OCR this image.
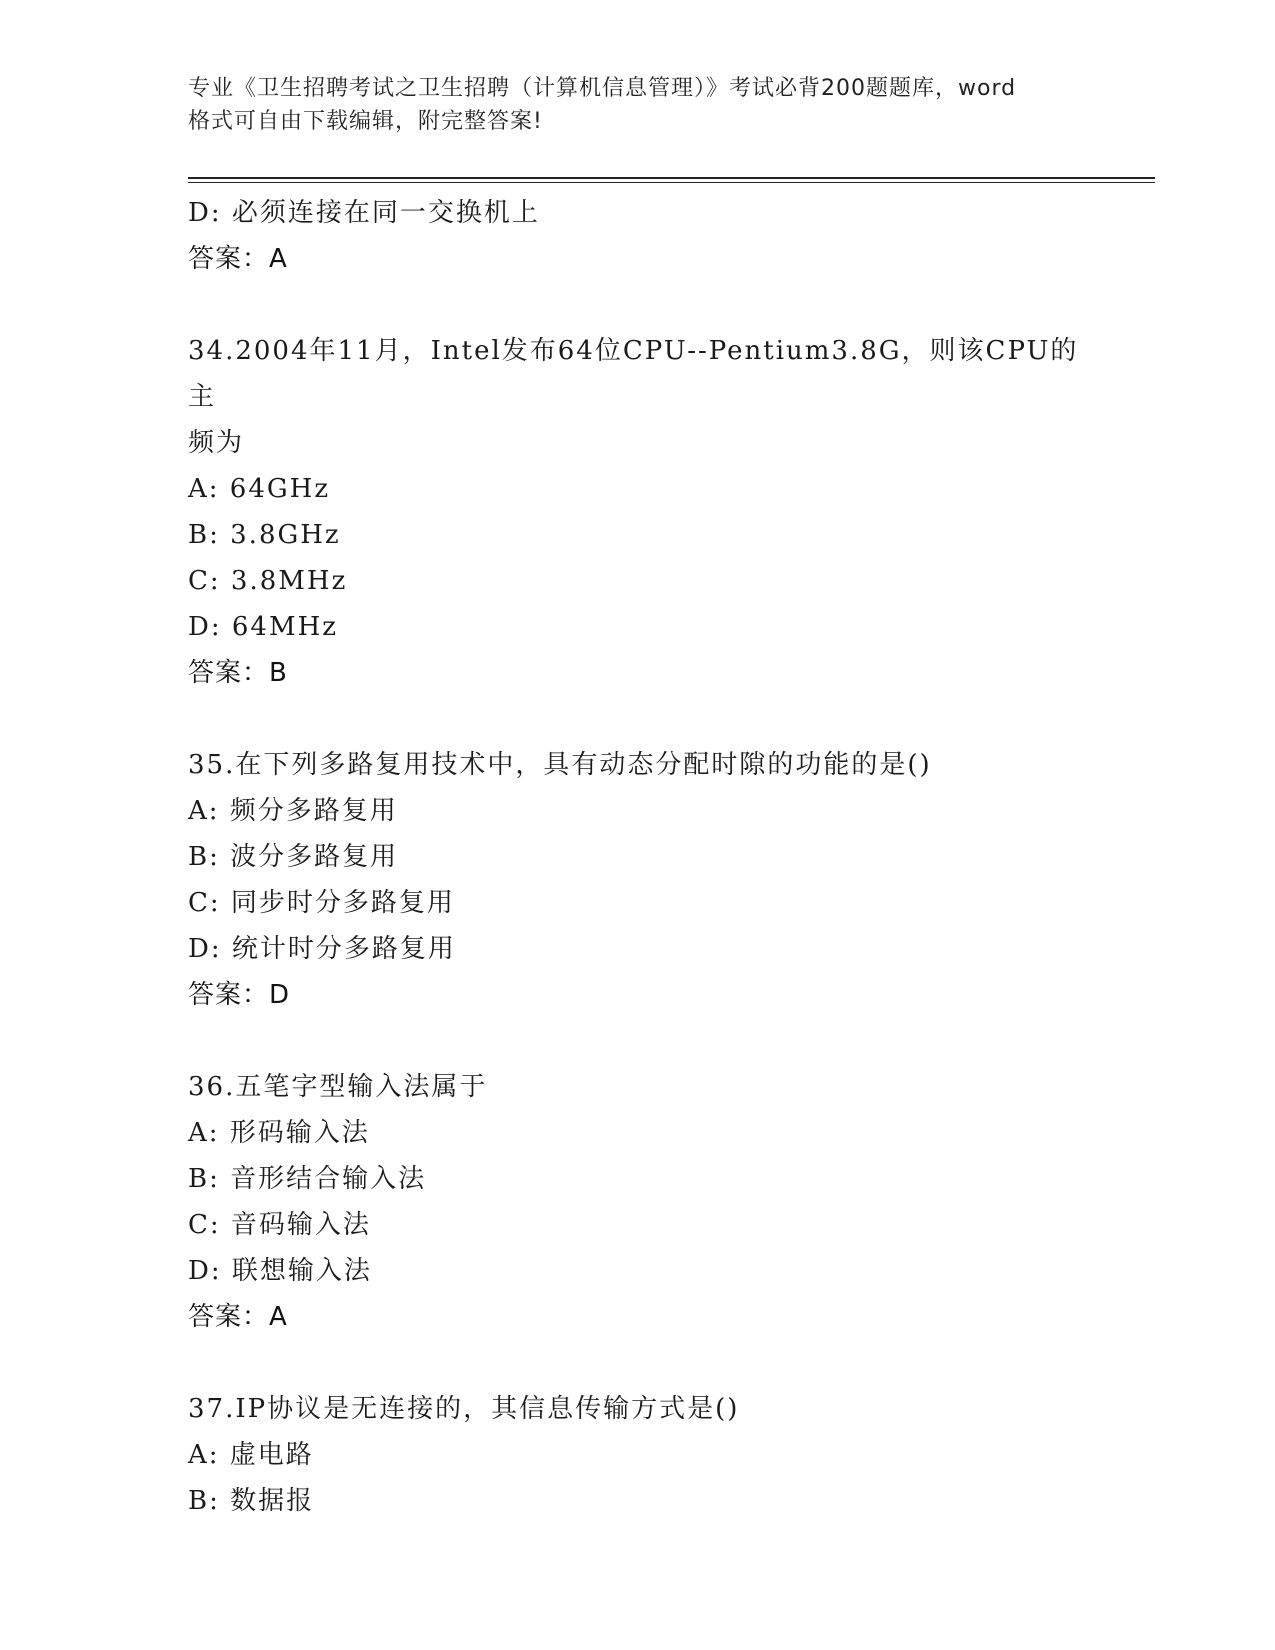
专业《卫生招聘考试之卫生招聘（计算机信息管理）》考试必背200题题库，word
格式可自由下载编辑，附完整答案!
D: 必须连接在同一交换机上
答案：A
34.2004年11月，Intel发布64位CPU--Pentium3.8G，则该CPU的主
频为
A: 64GHz
B: 3.8GHz
C: 3.8MHz
D: 64MHz
答案：B
35.在下列多路复用技术中，具有动态分配时隙的功能的是()
A: 频分多路复用
B: 波分多路复用
C: 同步时分多路复用
D: 统计时分多路复用
答案：D
36.五笔字型输入法属于
A: 形码输入法
B: 音形结合输入法
C: 音码输入法
D: 联想输入法
答案：A
37.IP协议是无连接的，其信息传输方式是()
A: 虚电路
B: 数据报
